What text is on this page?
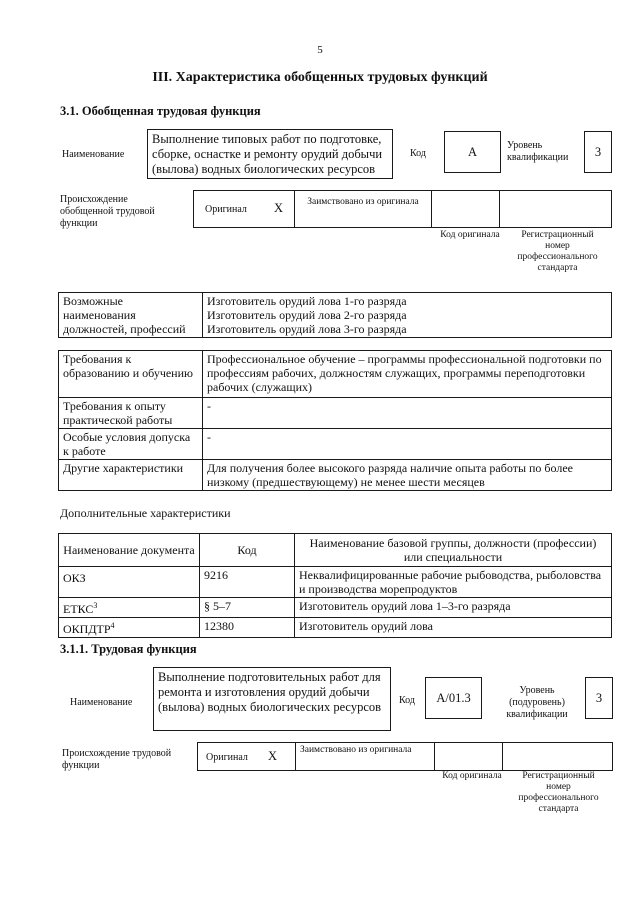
5
III. Характеристика обобщенных трудовых функций
3.1. Обобщенная трудовая функция
Наименование
Выполнение типовых работ по подготовке, сборке, оснастке и ремонту орудий добычи (вылова) водных биологических ресурсов
Код	A	Уровень квалификации	3
Происхождение обобщенной трудовой функции
Оригинал X	Заимствовано из оригинала
Код оригинала	Регистрационный номер профессионального стандарта
Возможные наименования должностей, профессий	
Изготовитель орудий лова 1-го разряда
Изготовитель орудий лова 2-го разряда
Изготовитель орудий лова 3-го разряда
Требования к образованию и обучению	Профессиональное обучение – программы профессиональной подготовки по профессиям рабочих, должностям служащих, программы переподготовки рабочих (служащих)
Требования к опыту практической работы	-
Особые условия допуска к работе	-
Другие характеристики	Для получения более высокого разряда наличие опыта работы по более низкому (предшествующему) не менее шести месяцев
Дополнительные характеристики
Наименование документа	Код	Наименование базовой группы, должности (профессии) или специальности
ОКЗ	9216	Неквалифицированные рабочие рыбоводства, рыболовства и производства морепродуктов
ЕТКС$^3$	§ 5–7	Изготовитель орудий лова 1–3-го разряда
ОКПДТР$^4$	12380	Изготовитель орудий лова
3.1.1. Трудовая функция
Наименование
Выполнение подготовительных работ для ремонта и изготовления орудий добычи (вылова) водных биологических ресурсов	Код	A/01.3
Уровень (подуровень) квалификации
3
Происхождение трудовой функции
Оригинал X Заимствовано из оригинала
Код оригинала	Регистрационный номер профессионального стандарта
